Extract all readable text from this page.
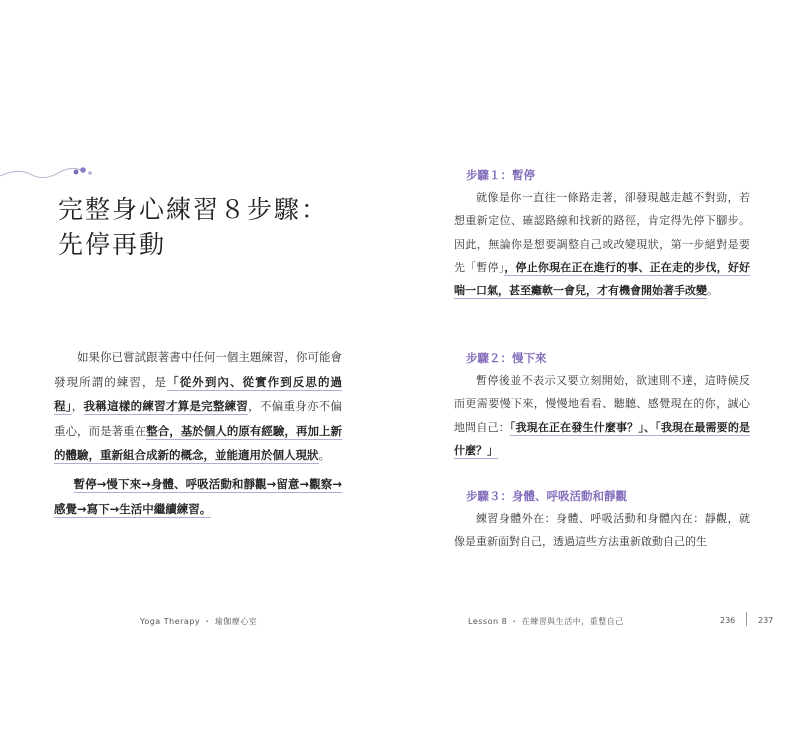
完整身心練習８步驟：
先停再動

如果你已嘗試跟著書中任何一個主題練習，你可能會發現所謂的練習，是「從外到內、從實作到反思的過程」，我稱這樣的練習才算是完整練習，不偏重身亦不偏重心，而是著重在整合，基於個人的原有經驗，再加上新的體驗，重新組合成新的概念，並能適用於個人現狀。

暫停→慢下來→身體、呼吸活動和靜觀→留意→觀察→感覺→寫下→生活中繼續練習。

Yoga Therapy ・ 瑜伽療心室
步驟１：暫停

就像是你一直往一條路走著，卻發現越走越不對勁，若想重新定位、確認路線和找新的路徑，肯定得先停下腳步。因此，無論你是想要調整自己或改變現狀，第一步絕對是要先「暫停」，停止你現在正在進行的事、正在走的步伐，好好喘一口氣，甚至癱軟一會兒，才有機會開始著手改變。

步驟２：慢下來

暫停後並不表示又要立刻開始，欲速則不達，這時候反而更需要慢下來，慢慢地看看、聽聽、感覺現在的你，誠心地問自己：「我現在正在發生什麼事？」、「我現在最需要的是什麼？」

步驟３：身體、呼吸活動和靜觀

練習身體外在：身體、呼吸活動和身體內在：靜觀，就像是重新面對自己，透過這些方法重新啟動自己的生

Lesson 8 ・ 在練習與生活中，重整自己	236	237
